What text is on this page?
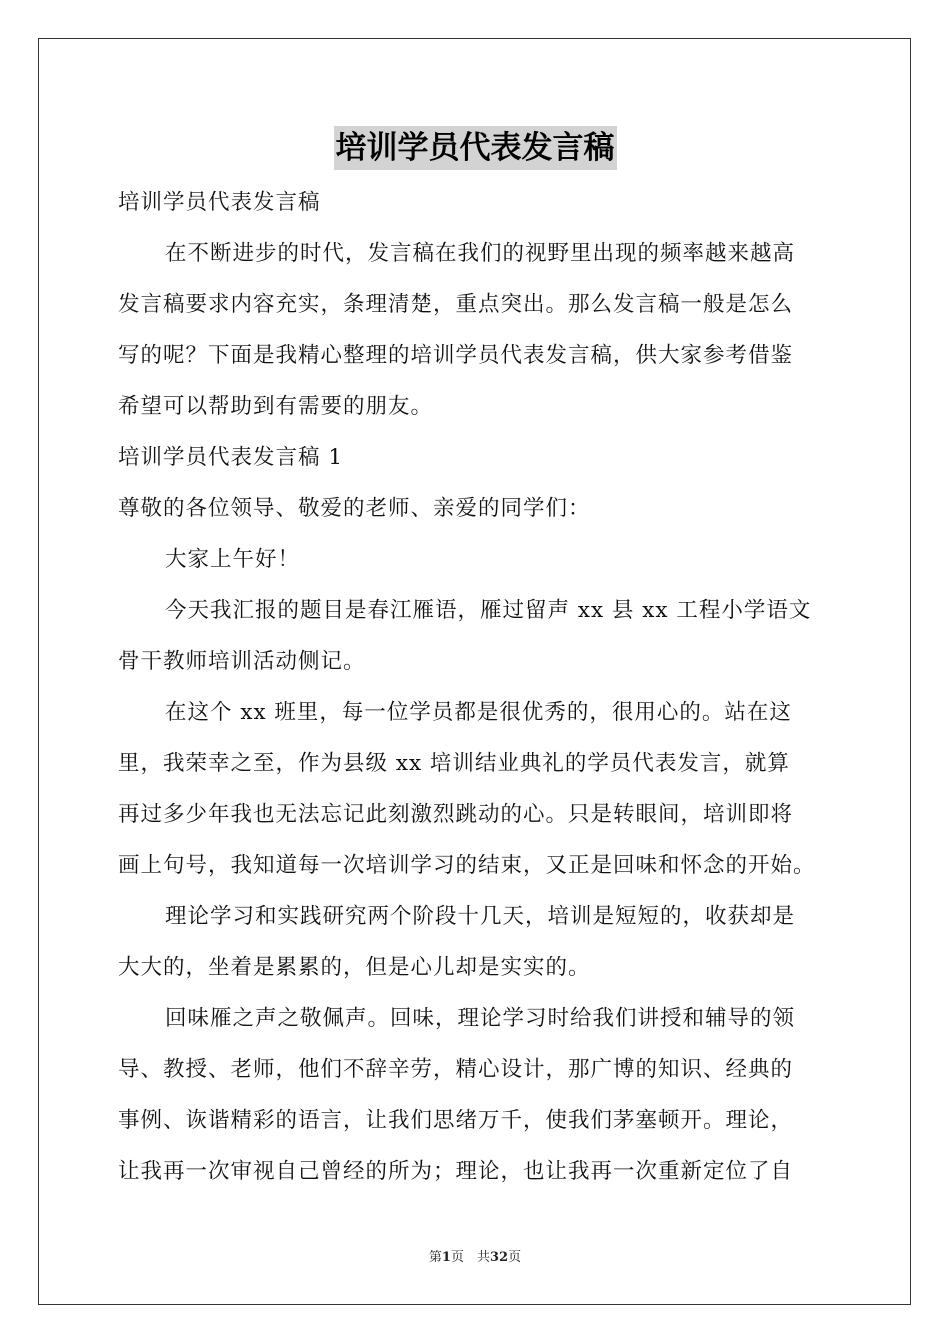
培训学员代表发言稿

培训学员代表发言稿

在不断进步的时代，发言稿在我们的视野里出现的频率越来越高

发言稿要求内容充实，条理清楚，重点突出。那么发言稿一般是怎么

写的呢？下面是我精心整理的培训学员代表发言稿，供大家参考借鉴

希望可以帮助到有需要的朋友。

培训学员代表发言稿 1

尊敬的各位领导、敬爱的老师、亲爱的同学们：

大家上午好！

今天我汇报的题目是春江雁语，雁过留声 xx 县 xx 工程小学语文

骨干教师培训活动侧记。

在这个 xx 班里，每一位学员都是很优秀的，很用心的。站在这

里，我荣幸之至，作为县级 xx 培训结业典礼的学员代表发言，就算

再过多少年我也无法忘记此刻激烈跳动的心。只是转眼间，培训即将

画上句号，我知道每一次培训学习的结束，又正是回味和怀念的开始。

理论学习和实践研究两个阶段十几天，培训是短短的，收获却是

大大的，坐着是累累的，但是心儿却是实实的。

回味雁之声之敬佩声。回味，理论学习时给我们讲授和辅导的领

导、教授、老师，他们不辞辛劳，精心设计，那广博的知识、经典的

事例、诙谐精彩的语言，让我们思绪万千，使我们茅塞顿开。理论，

让我再一次审视自己曾经的所为；理论，也让我再一次重新定位了自

第1页　共32页
